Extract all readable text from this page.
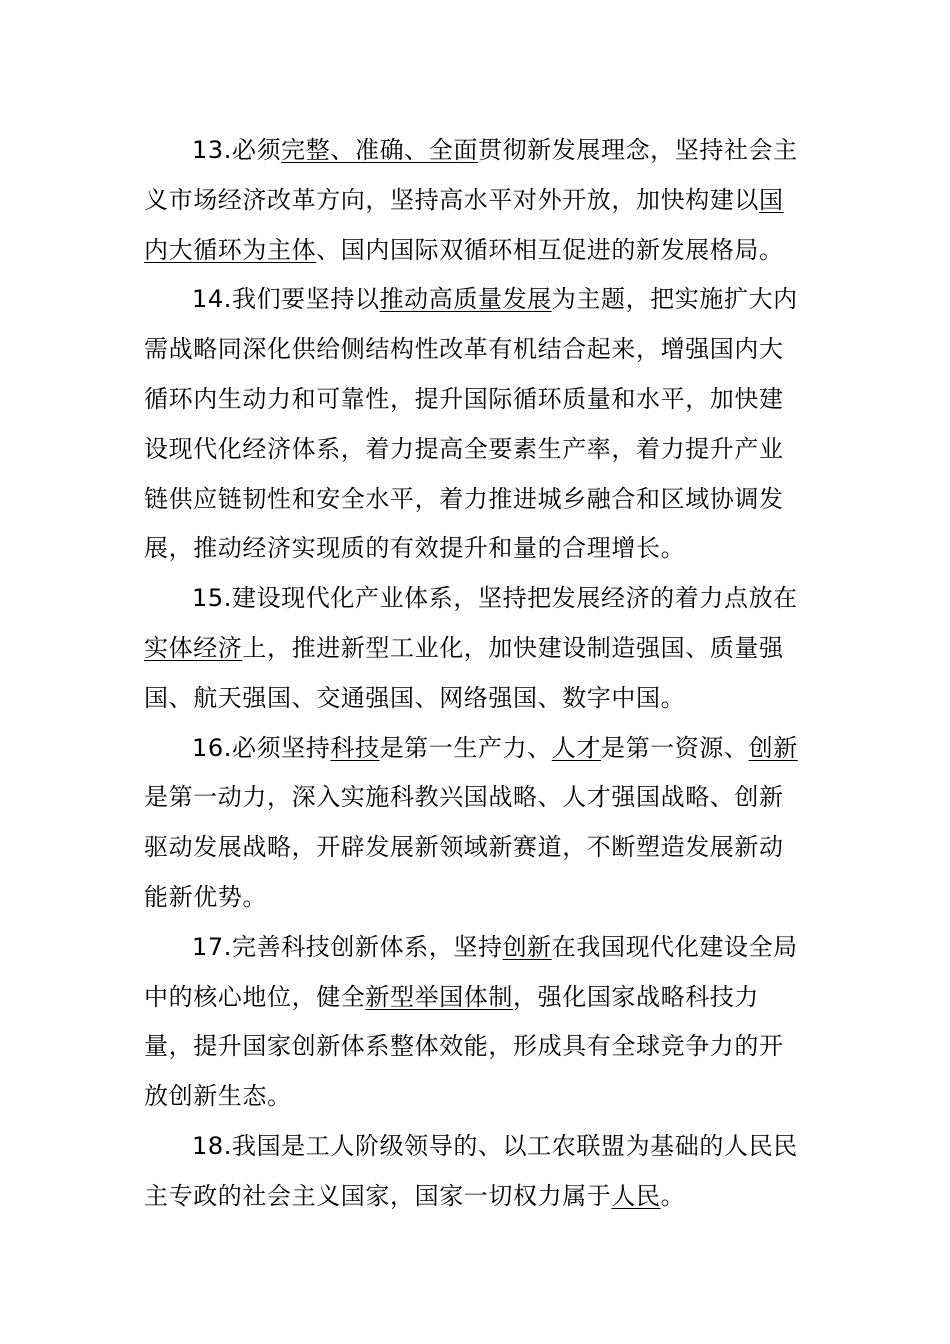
13.必须完整、准确、全面贯彻新发展理念，坚持社会主义市场经济改革方向，坚持高水平对外开放，加快构建以国内大循环为主体、国内国际双循环相互促进的新发展格局。

14.我们要坚持以推动高质量发展为主题，把实施扩大内需战略同深化供给侧结构性改革有机结合起来，增强国内大循环内生动力和可靠性，提升国际循环质量和水平，加快建设现代化经济体系，着力提高全要素生产率，着力提升产业链供应链韧性和安全水平，着力推进城乡融合和区域协调发展，推动经济实现质的有效提升和量的合理增长。

15.建设现代化产业体系，坚持把发展经济的着力点放在实体经济上，推进新型工业化，加快建设制造强国、质量强国、航天强国、交通强国、网络强国、数字中国。

16.必须坚持科技是第一生产力、人才是第一资源、创新是第一动力，深入实施科教兴国战略、人才强国战略、创新驱动发展战略，开辟发展新领域新赛道，不断塑造发展新动能新优势。

17.完善科技创新体系，坚持创新在我国现代化建设全局中的核心地位，健全新型举国体制，强化国家战略科技力量，提升国家创新体系整体效能，形成具有全球竞争力的开放创新生态。

18.我国是工人阶级领导的、以工农联盟为基础的人民民主专政的社会主义国家，国家一切权力属于人民。
